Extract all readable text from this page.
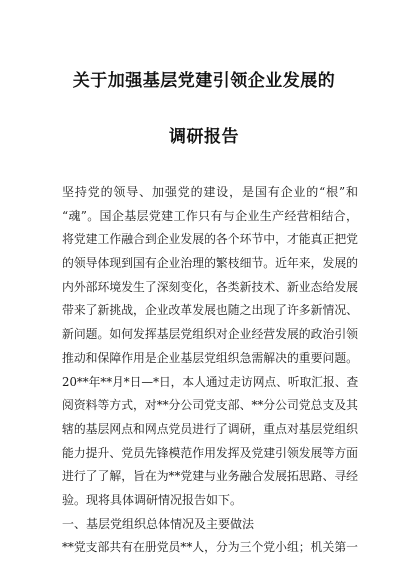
关于加强基层党建引领企业发展的
调研报告
坚持党的领导、加强党的建设，是国有企业的“根”和
“魂”。国企基层党建工作只有与企业生产经营相结合，
将党建工作融合到企业发展的各个环节中，才能真正把党
的领导体现到国有企业治理的繁枝细节。近年来，发展的
内外部环境发生了深刻变化，各类新技术、新业态给发展
带来了新挑战，企业改革发展也随之出现了许多新情况、
新问题。如何发挥基层党组织对企业经营发展的政治引领
推动和保障作用是企业基层党组织急需解决的重要问题。
20**年**月*日—*日，本人通过走访网点、听取汇报、查
阅资料等方式，对**分公司党支部、**分公司党总支及其
辖的基层网点和网点党员进行了调研，重点对基层党组织
能力提升、党员先锋模范作用发挥及党建引领发展等方面
进行了了解，旨在为**党建与业务融合发展拓思路、寻经
验。现将具体调研情况报告如下。
一、基层党组织总体情况及主要做法
**党支部共有在册党员**人，分为三个党小组；机关第一
